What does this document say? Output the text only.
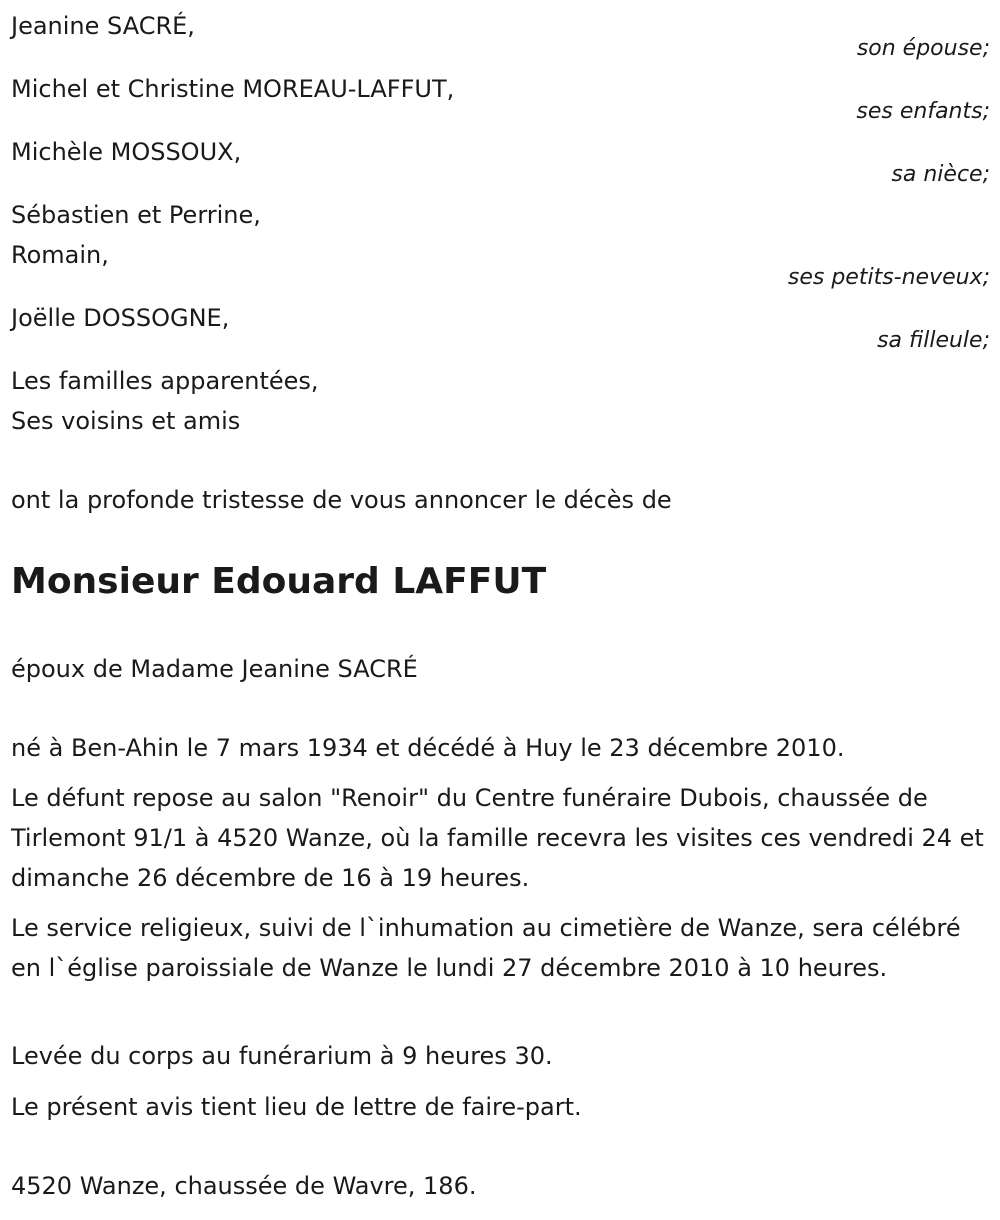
Jeanine SACRÉ,
son épouse;
Michel et Christine MOREAU-LAFFUT,
ses enfants;
Michèle MOSSOUX,
sa nièce;
Sébastien et Perrine,
Romain,
ses petits-neveux;
Joëlle DOSSOGNE,
sa filleule;
Les familles apparentées,
Ses voisins et amis
ont la profonde tristesse de vous annoncer le décès de
Monsieur Edouard LAFFUT
époux de Madame Jeanine SACRÉ
né à Ben-Ahin le 7 mars 1934 et décédé à Huy le 23 décembre 2010.
Le défunt repose au salon "Renoir" du Centre funéraire Dubois, chaussée de Tirlemont 91/1 à 4520 Wanze, où la famille recevra les visites ces vendredi 24 et dimanche 26 décembre de 16 à 19 heures.
Le service religieux, suivi de l`inhumation au cimetière de Wanze, sera célébré en l`église paroissiale de Wanze le lundi 27 décembre 2010 à 10 heures.
Levée du corps au funérarium à 9 heures 30.
Le présent avis tient lieu de lettre de faire-part.
4520 Wanze, chaussée de Wavre, 186.
